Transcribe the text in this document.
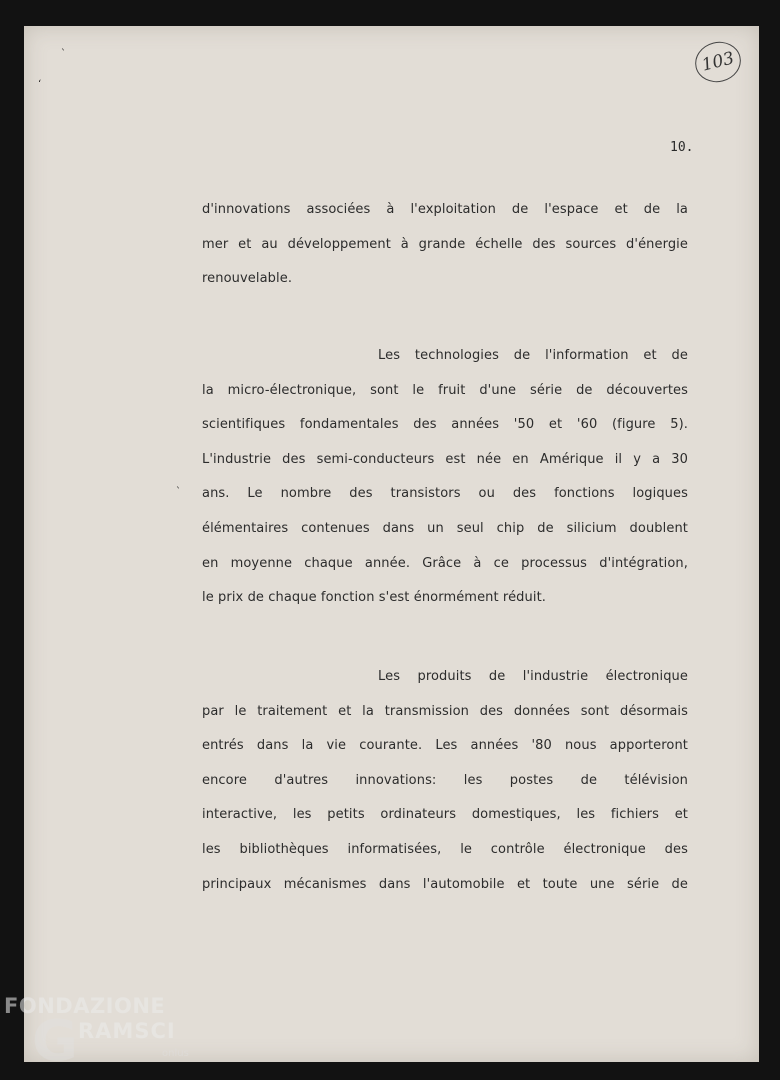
`
‘
`
103
10.
d'innovations associées à l'exploitation de l'espace et de la
mer et au développement à grande échelle des sources d'énergie
renouvelable.
Les technologies de l'information et de
la micro-électronique, sont le fruit d'une série de découvertes
scientifiques fondamentales des années '50 et '60 (figure 5).
L'industrie des semi-conducteurs est née en Amérique il y a 30
ans. Le nombre des transistors ou des fonctions logiques
élémentaires contenues dans un seul chip de silicium doublent
en moyenne chaque année. Grâce à ce processus d'intégration,
le prix de chaque fonction s'est énormément réduit.
Les produits de l'industrie électronique
par le traitement et la transmission des données sont désormais
entrés dans la vie courante. Les années '80 nous apporteront
encore d'autres innovations: les postes de télévision
interactive, les petits ordinateurs domestiques, les fichiers et
les bibliothèques informatisées, le contrôle électronique des
principaux mécanismes dans l'automobile et toute une série de
G
FONDAZIONE
RAMSCI
onlus
